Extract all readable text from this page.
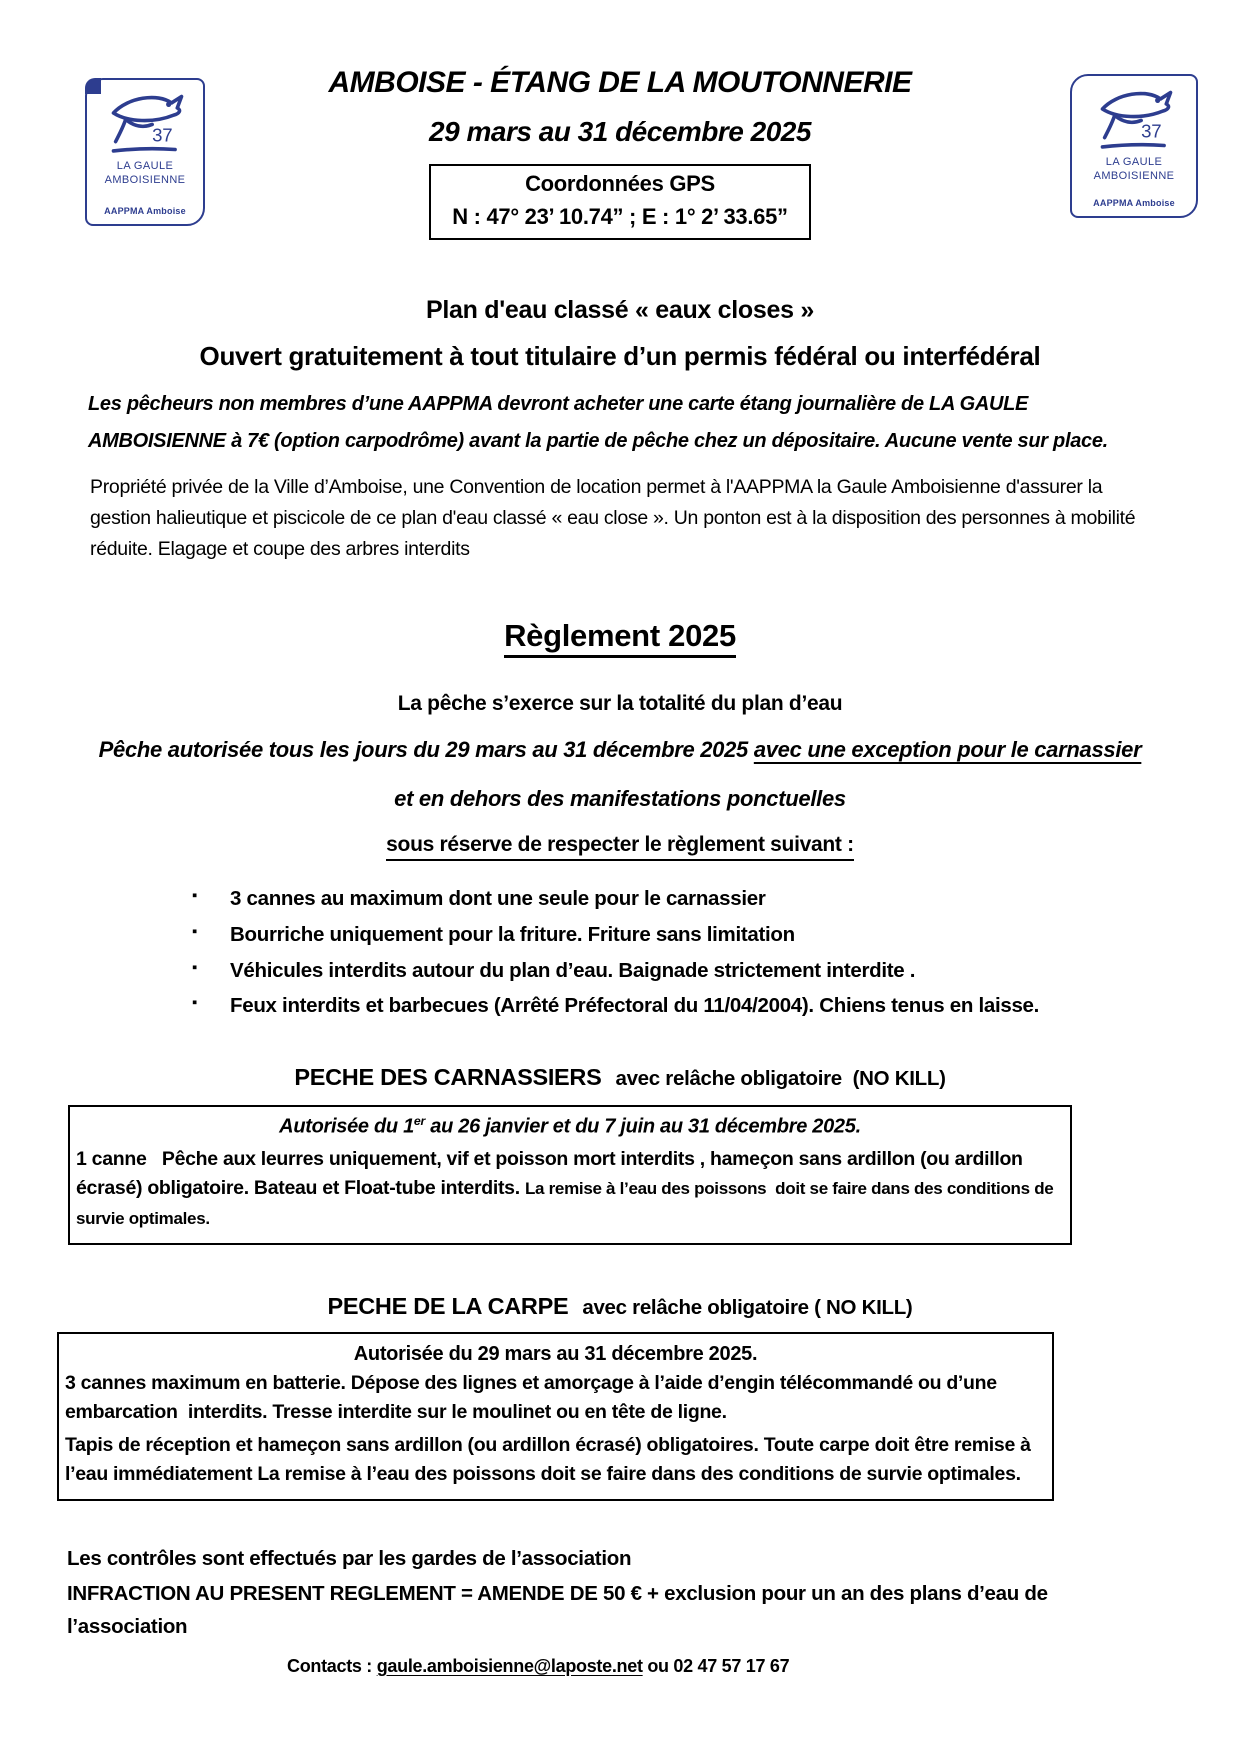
37
LA GAULE
AMBOISIENNE
AAPPMA Amboise
37
LA GAULE
AMBOISIENNE
AAPPMA Amboise
AMBOISE - ÉTANG DE LA MOUTONNERIE
29 mars au 31 décembre 2025
Coordonnées GPS
N : 47° 23’ 10.74” ; E : 1° 2’ 33.65”

Plan d'eau classé « eaux closes »

Ouvert gratuitement à tout titulaire d’un permis fédéral ou interfédéral

Les pêcheurs non membres d’une AAPPMA devront acheter une carte étang journalière de LA GAULE AMBOISIENNE à 7€ (option carpodrôme) avant la partie de pêche chez un dépositaire. Aucune vente sur place.

Propriété privée de la Ville d’Amboise, une Convention de location permet à l'AAPPMA la Gaule Amboisienne d'assurer la gestion halieutique et piscicole de ce plan d'eau classé « eau close ». Un ponton est à la disposition des personnes à mobilité réduite. Elagage et coupe des arbres interdits

Règlement 2025

La pêche s’exerce sur la totalité du plan d’eau

Pêche autorisée tous les jours du 29 mars au 31 décembre 2025 avec une exception pour le carnassier

et en dehors des manifestations ponctuelles

sous réserve de respecter le règlement suivant :

▪ 3 cannes au maximum dont une seule pour le carnassier
▪ Bourriche uniquement pour la friture. Friture sans limitation
▪ Véhicules interdits autour du plan d’eau. Baignade strictement interdite .
▪ Feux interdits et barbecues (Arrêté Préfectoral du 11/04/2004). Chiens tenus en laisse.
PECHE DES CARNASSIERS avec relâche obligatoire  (NO KILL)
Autorisée du 1er au 26 janvier et du 7 juin au 31 décembre 2025.
1 canne   Pêche aux leurres uniquement, vif et poisson mort interdits , hameçon sans ardillon (ou ardillon écrasé) obligatoire. Bateau et Float-tube interdits. La remise à l’eau des poissons  doit se faire dans des conditions de survie optimales.
PECHE DE LA CARPE avec relâche obligatoire ( NO KILL)
Autorisée du 29 mars au 31 décembre 2025.
3 cannes maximum en batterie. Dépose des lignes et amorçage à l’aide d’engin télécommandé ou d’une embarcation  interdits. Tresse interdite sur le moulinet ou en tête de ligne.
Tapis de réception et hameçon sans ardillon (ou ardillon écrasé) obligatoires. Toute carpe doit être remise à l’eau immédiatement La remise à l’eau des poissons doit se faire dans des conditions de survie optimales.

Les contrôles sont effectués par les gardes de l’association

INFRACTION AU PRESENT REGLEMENT = AMENDE DE 50 € + exclusion pour un an des plans d’eau de l’association

Contacts : gaule.amboisienne@laposte.net ou 02 47 57 17 67
